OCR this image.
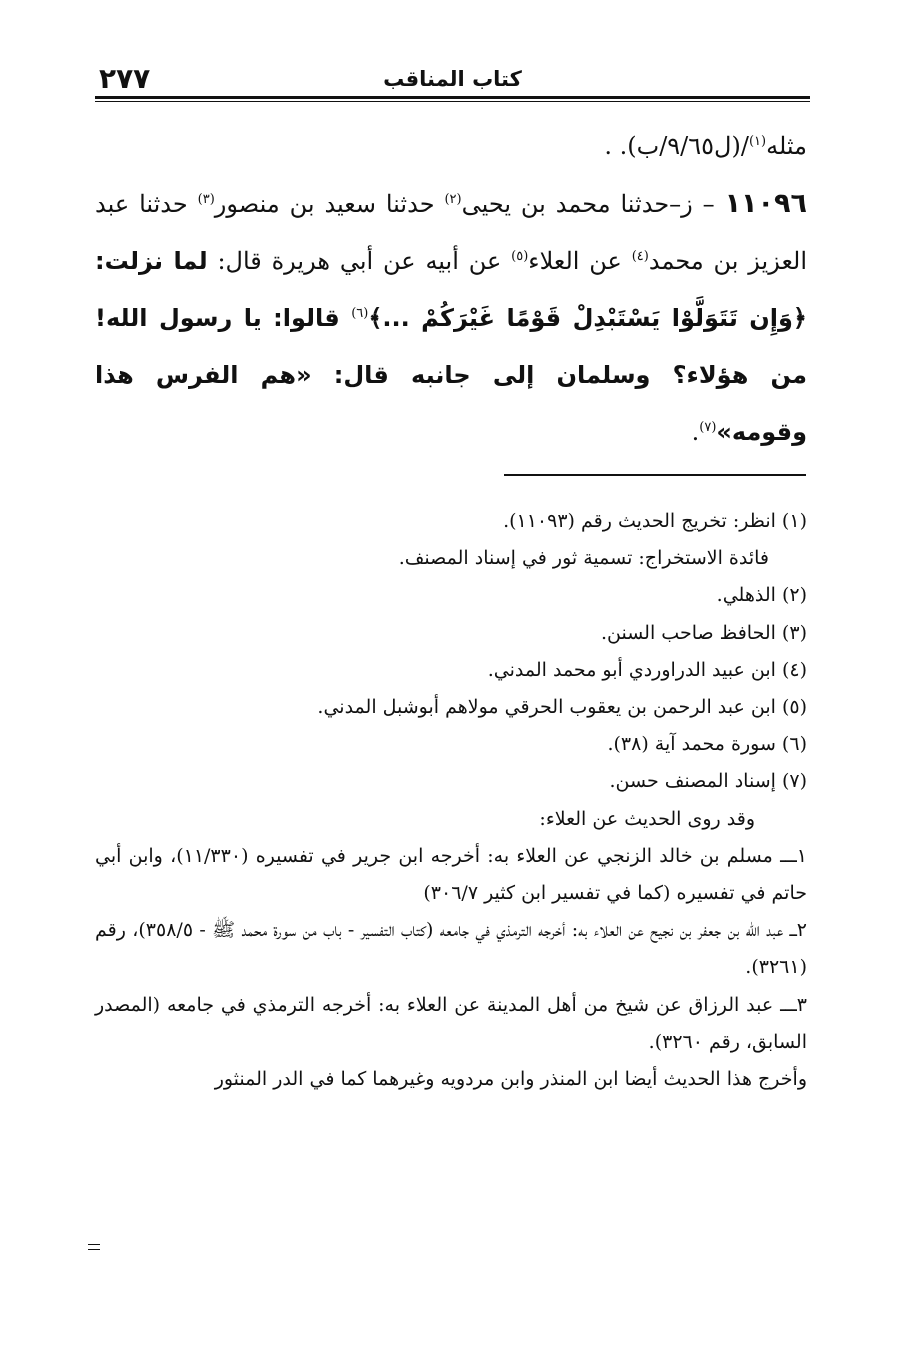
٢٧٧	كتاب المناقب

مثله$^{(١)}$/(ل٩/٦٥/ب). .

١١٠٩٦ – ز–حدثنا محمد بن يحيى$^{(٢)}$ حدثنا سعيد بن منصور$^{(٣)}$ حدثنا عبد العزيز بن محمد$^{(٤)}$ عن العلاء$^{(٥)}$ عن أبيه عن أبي هريرة قال: لما نزلت: ﴿وَإِن تَتَوَلَّوْا يَسْتَبْدِلْ قَوْمًا غَيْرَكُمْ ...﴾$^{(٦)}$ قالوا: يا رسول الله! من هؤلاء؟ وسلمان إلى جانبه قال: «هم الفرس هذا وقومه»$^{(٧)}$.

(١) انظر: تخريج الحديث رقم (١١٠٩٣).

فائدة الاستخراج: تسمية ثور في إسناد المصنف.

(٢) الذهلي.

(٣) الحافظ صاحب السنن.

(٤) ابن عبيد الدراوردي أبو محمد المدني.

(٥) ابن عبد الرحمن بن يعقوب الحرقي مولاهم أبوشبل المدني.

(٦) سورة محمد آية (٣٨).

(٧) إسناد المصنف حسن.

وقد روى الحديث عن العلاء:

١ـــ مسلم بن خالد الزنجي عن العلاء به: أخرجه ابن جرير في تفسيره (١١/٣٣٠)، وابن أبي حاتم في تفسيره (كما في تفسير ابن كثير ٣٠٦/٧)

٢ـــ عبد الله بن جعفر بن نجيح عن العلاء به: أخرجه الترمذي في جامعه (كتاب التفسير - باب من سورة محمد ﷺ - ٣٥٨/٥)، رقم (٣٢٦١).

٣ـــ عبد الرزاق عن شيخ من أهل المدينة عن العلاء به: أخرجه الترمذي في جامعه (المصدر السابق، رقم ٣٢٦٠).

وأخرج هذا الحديث أيضا ابن المنذر وابن مردويه وغيرهما كما في الدر المنثور
